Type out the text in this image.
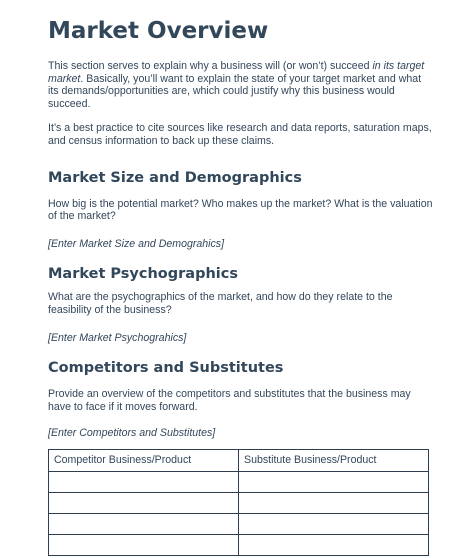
Market Overview

This section serves to explain why a business will (or won’t) succeed in its target market. Basically, you’ll want to explain the state of your target market and what its demands/opportunities are, which could justify why this business would succeed.

It’s a best practice to cite sources like research and data reports, saturation maps, and census information to back up these claims.

Market Size and Demographics

How big is the potential market? Who makes up the market? What is the valuation of the market?

[Enter Market Size and Demograhics]

Market Psychographics

What are the psychographics of the market, and how do they relate to the feasibility of the business?

[Enter Market Psychograhics]

Competitors and Substitutes

Provide an overview of the competitors and substitutes that the business may have to face if it moves forward.

[Enter Competitors and Substitutes]

Competitor Business/Product	Substitute Business/Product
